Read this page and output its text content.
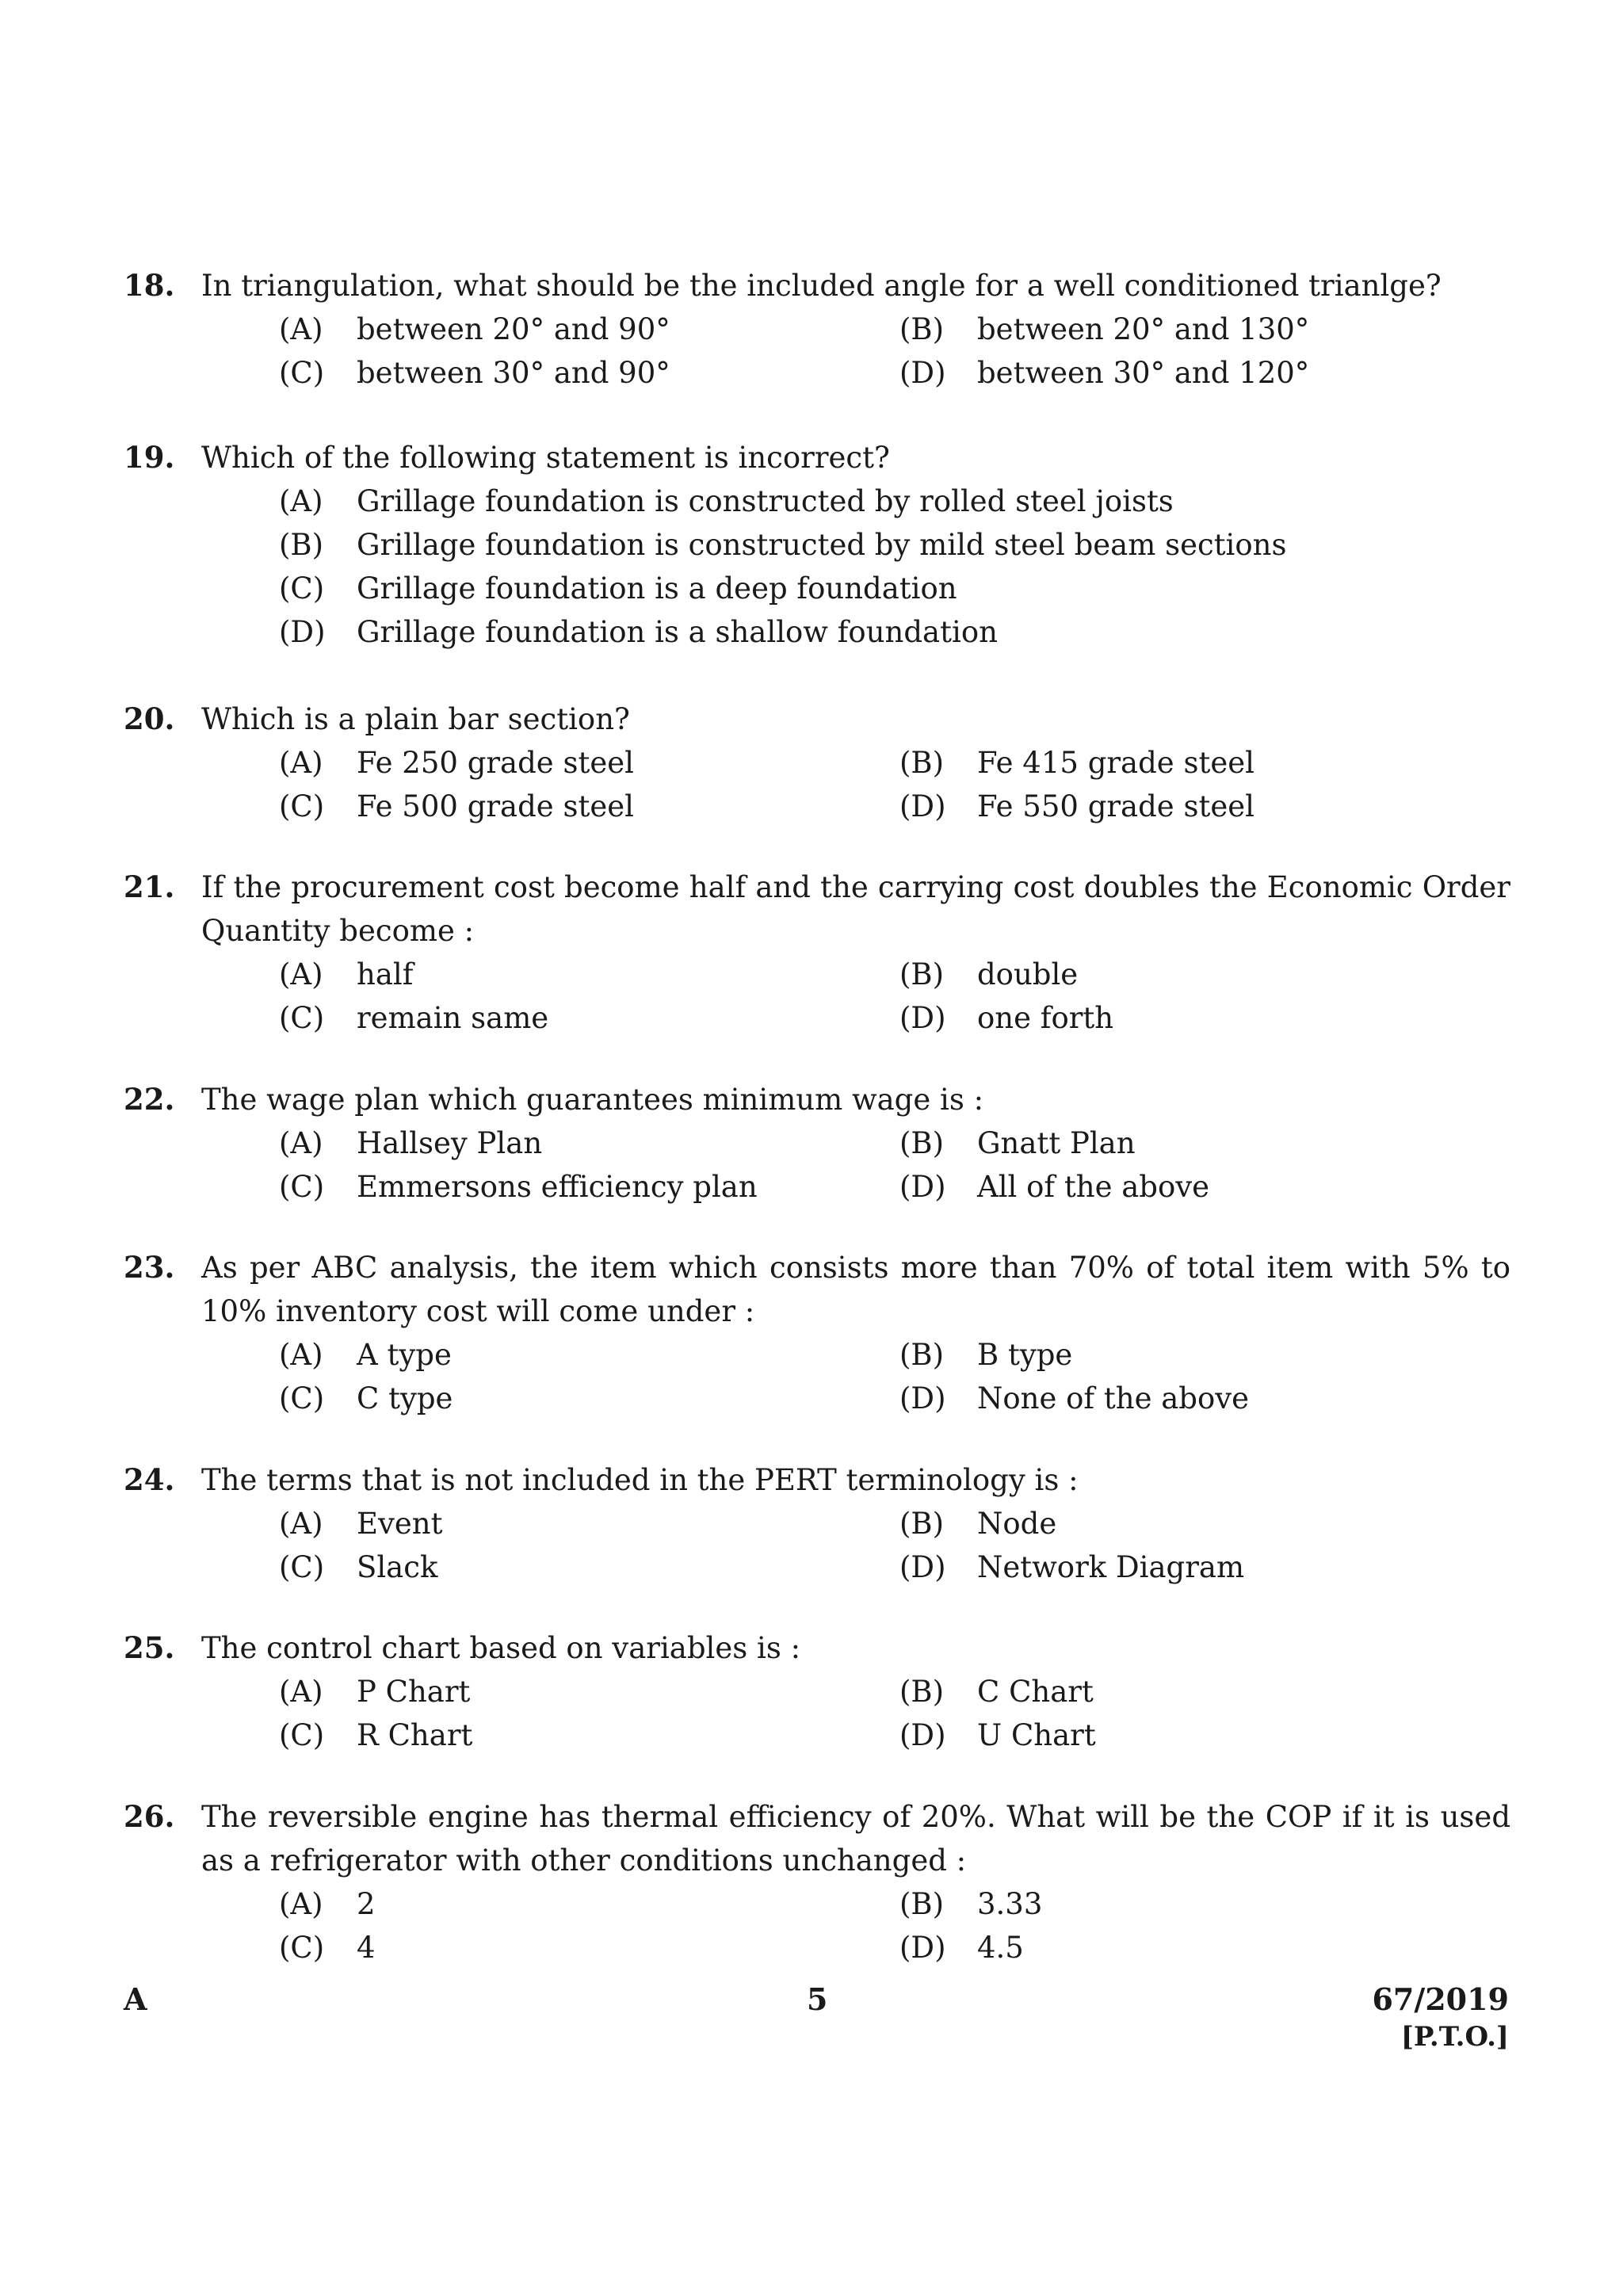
18. In triangulation, what should be the included angle for a well conditioned trianlge?
(A) between 20° and 90°	(B) between 20° and 130°
(C) between 30° and 90°	(D) between 30° and 120°
19. Which of the following statement is incorrect?
(A) Grillage foundation is constructed by rolled steel joists
(B) Grillage foundation is constructed by mild steel beam sections
(C) Grillage foundation is a deep foundation
(D) Grillage foundation is a shallow foundation
20. Which is a plain bar section?
(A) Fe 250 grade steel	(B) Fe 415 grade steel
(C) Fe 500 grade steel	(D) Fe 550 grade steel
21. If the procurement cost become half and the carrying cost doubles the Economic Order Quantity become :
(A) half	(B) double
(C) remain same	(D) one forth
22. The wage plan which guarantees minimum wage is :
(A) Hallsey Plan	(B) Gnatt Plan
(C) Emmersons efficiency plan	(D) All of the above
23. As per ABC analysis, the item which consists more than 70% of total item with 5% to 10% inventory cost will come under :
(A) A type	(B) B type
(C) C type	(D) None of the above
24. The terms that is not included in the PERT terminology is :
(A) Event	(B) Node
(C) Slack	(D) Network Diagram
25. The control chart based on variables is :
(A) P Chart	(B) C Chart
(C) R Chart	(D) U Chart
26. The reversible engine has thermal efficiency of 20%. What will be the COP if it is used as a refrigerator with other conditions unchanged :
(A) 2	(B) 3.33
(C) 4	(D) 4.5
A	5	67/2019
[P.T.O.]
